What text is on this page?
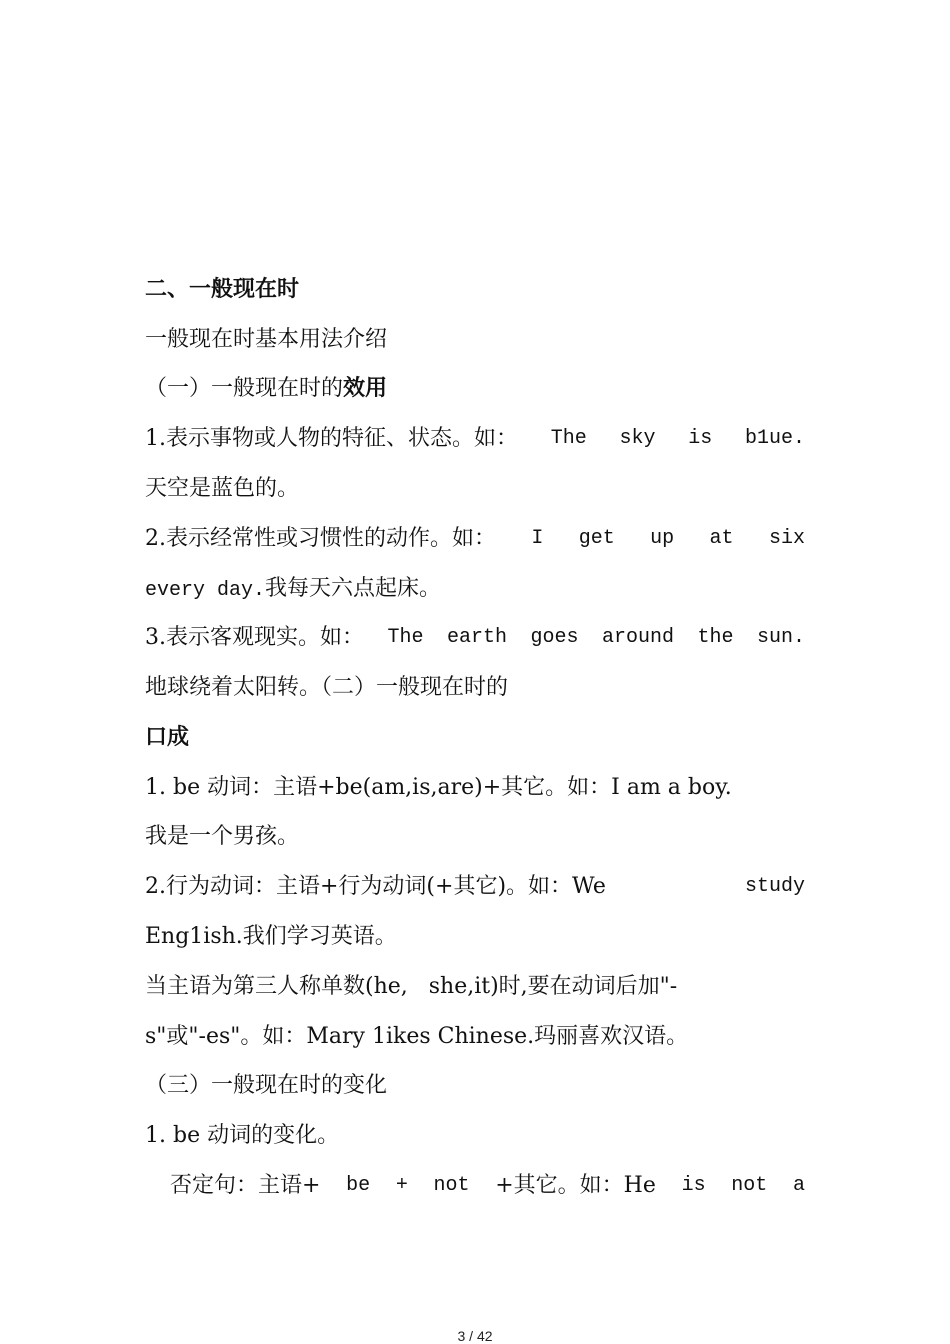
二、一般现在时
一般现在时基本用法介绍
（一）一般现在时的效用
1.表示事物或人物的特征、状态。如： The sky is b1ue.
天空是蓝色的。
2.表示经常性或习惯性的动作。如： I get up at six
every day.我每天六点起床。
3.表示客观现实。如： The earth goes around the sun.
地球绕着太阳转。（二）一般现在时的
口成
1. be 动词：主语+be(am,is,are)+其它。如：I am a boy.
我是一个男孩。
2.行为动词：主语+行为动词(+其它)。如：We	study
Eng1ish.我们学习英语。
当主语为第三人称单数(he,   she,it)时,要在动词后加"-
s"或"-es"。如：Mary 1ikes Chinese.玛丽喜欢汉语。
（三）一般现在时的变化
1. be 动词的变化。
否定句：主语+ be + not +其它。如：He is not a
3 / 42
